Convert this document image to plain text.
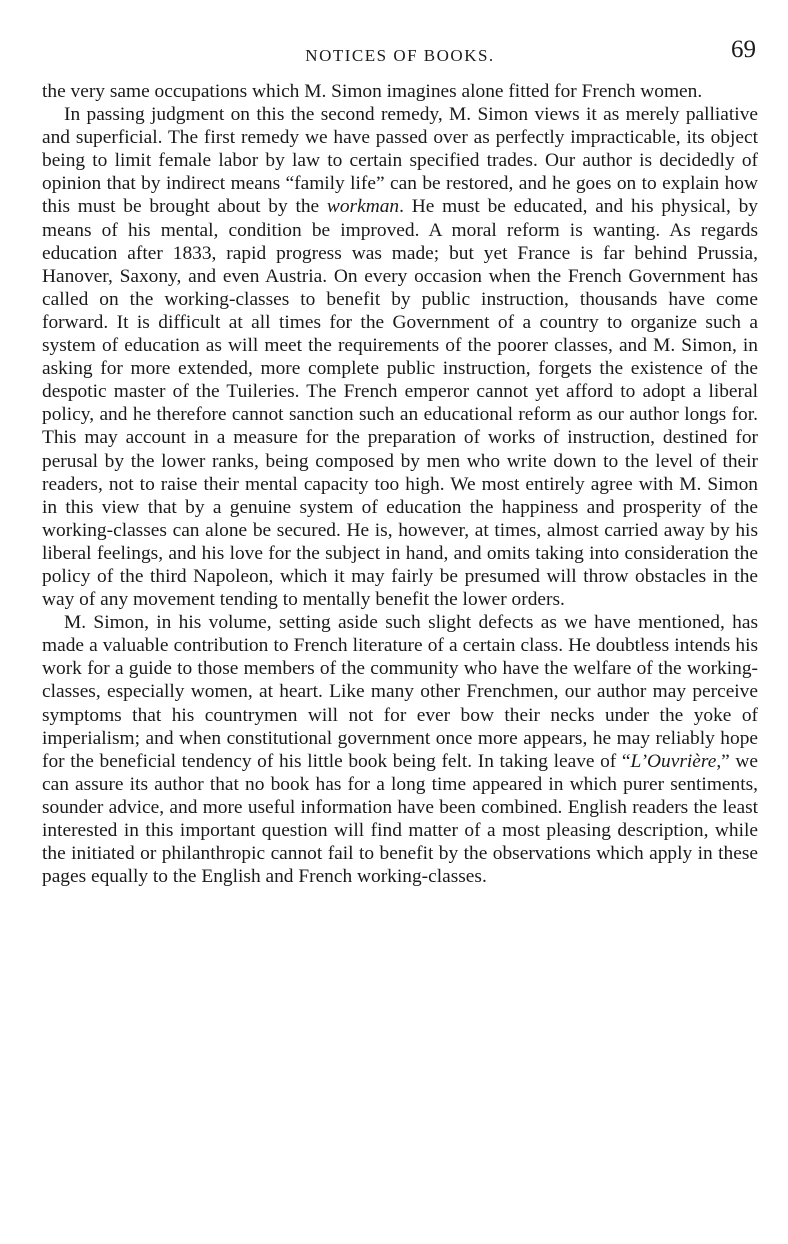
NOTICES OF BOOKS.	69

the very same occupations which M. Simon imagines alone fitted for French women.

In passing judgment on this the second remedy, M. Simon views it as merely palliative and superficial. The first remedy we have passed over as perfectly impracticable, its object being to limit female labor by law to certain specified trades. Our author is decidedly of opinion that by indirect means “family life” can be restored, and he goes on to explain how this must be brought about by the workman. He must be educated, and his physical, by means of his mental, condition be improved. A moral reform is wanting. As regards education after 1833, rapid progress was made; but yet France is far behind Prussia, Hanover, Saxony, and even Austria. On every occasion when the French Government has called on the working-classes to benefit by public instruction, thousands have come forward. It is difficult at all times for the Government of a country to organize such a system of education as will meet the requirements of the poorer classes, and M. Simon, in asking for more extended, more complete public instruction, forgets the existence of the despotic master of the Tuileries. The French emperor cannot yet afford to adopt a liberal policy, and he therefore cannot sanction such an educational reform as our author longs for. This may account in a measure for the preparation of works of instruction, destined for perusal by the lower ranks, being composed by men who write down to the level of their readers, not to raise their mental capacity too high. We most entirely agree with M. Simon in this view that by a genuine system of education the happiness and prosperity of the working-classes can alone be secured. He is, however, at times, almost carried away by his liberal feelings, and his love for the subject in hand, and omits taking into consideration the policy of the third Napoleon, which it may fairly be presumed will throw obstacles in the way of any movement tending to mentally benefit the lower orders.

M. Simon, in his volume, setting aside such slight defects as we have mentioned, has made a valuable contribution to French literature of a certain class. He doubtless intends his work for a guide to those members of the community who have the welfare of the working-classes, especially women, at heart. Like many other Frenchmen, our author may perceive symptoms that his countrymen will not for ever bow their necks under the yoke of imperialism; and when constitutional government once more appears, he may reliably hope for the beneficial tendency of his little book being felt. In taking leave of “L’Ouvrière,” we can assure its author that no book has for a long time appeared in which purer sentiments, sounder advice, and more useful information have been combined. English readers the least interested in this important question will find matter of a most pleasing description, while the initiated or philanthropic cannot fail to benefit by the observations which apply in these pages equally to the English and French working-classes.
